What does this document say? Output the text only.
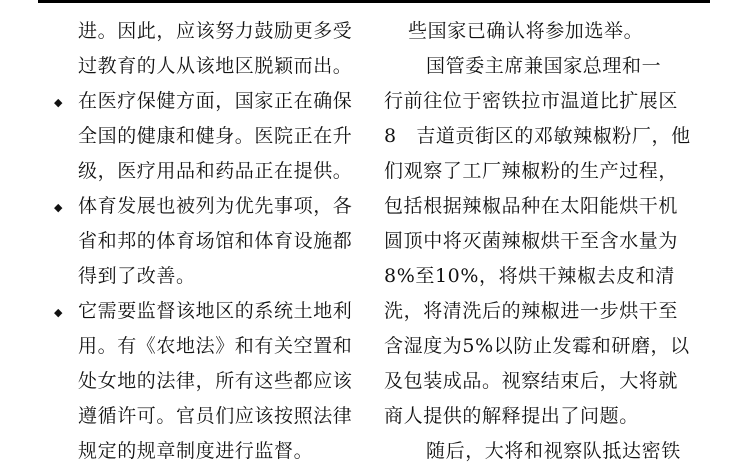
进。因此，应该努力鼓励更多受
过教育的人从该地区脱颖而出。
◆ 在医疗保健方面，国家正在确保
全国的健康和健身。医院正在升
级，医疗用品和药品正在提供。
◆ 体育发展也被列为优先事项，各
省和邦的体育场馆和体育设施都
得到了改善。
◆ 它需要监督该地区的系统土地利
用。有《农地法》和有关空置和
处女地的法律，所有这些都应该
遵循许可。官员们应该按照法律
规定的规章制度进行监督。
些国家已确认将参加选举。
国管委主席兼国家总理和一
行前往位于密铁拉市温道比扩展区
8　吉道贡街区的邓敏辣椒粉厂，他
们观察了工厂辣椒粉的生产过程，
包括根据辣椒品种在太阳能烘干机
圆顶中将灭菌辣椒烘干至含水量为
8%至10%，将烘干辣椒去皮和清
洗，将清洗后的辣椒进一步烘干至
含湿度为5%以防止发霉和研磨，以
及包装成品。视察结束后，大将就
商人提供的解释提出了问题。
随后，大将和视察队抵达密铁
